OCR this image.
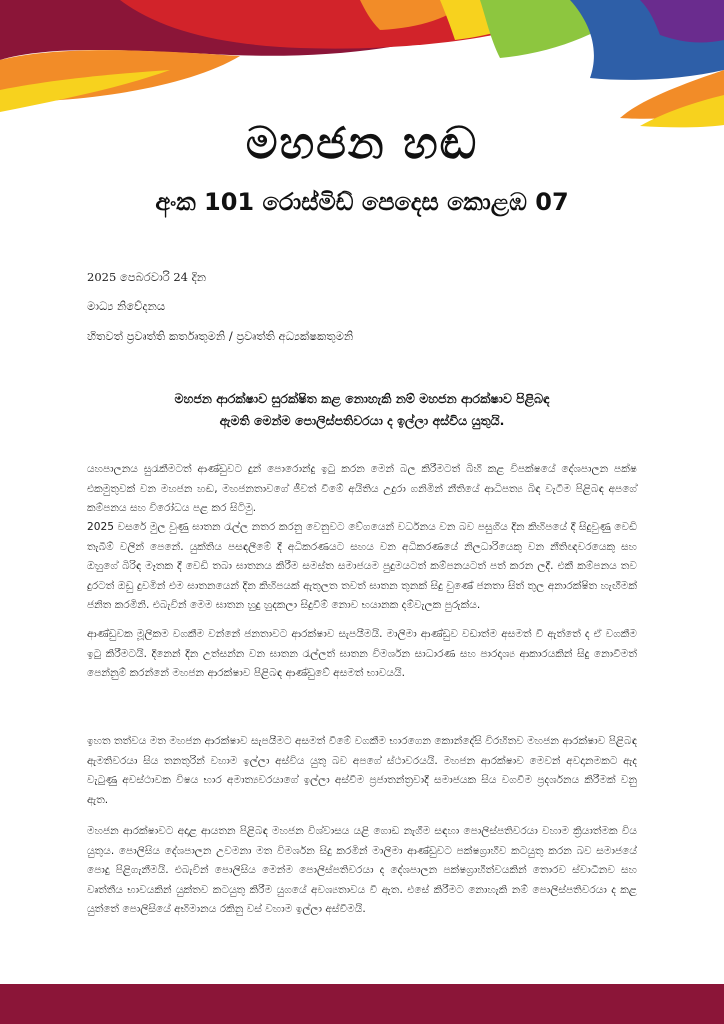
මහජන හඬ
අංක 101 රොස්මිඩ් පෙදෙස කොළඹ 07
2025 පෙබරවාරි 24 දින
මාධ්‍ය නිවේදනය
හිතවත් ප්‍රවෘත්ති කර්තෘතුමනි / ප්‍රවෘත්ති අධ්‍යක්ෂකතුමනි
මහජන ආරක්ෂාව සුරක්ෂිත කළ නොහැකි නම් මහජන ආරක්ෂාව පිළිබඳ
ඇමති මෙන්ම පොලිස්පතිවරයා ද ඉල්ලා අස්විය යුතුයි.

යහපාලනය සුරැකීමටත් ආණ්ඩුවට දුන් පොරොන්දු ඉටු කරන මෙන් බල කිරීමටත් බිහි කළ විපක්ෂයේ දේශපාලන පක්ෂ එකමුතුවක් වන මහජන හඬ, මහජනතාවගේ ජීවත් වීමේ අයිතිය උදුරා ගනිමින් නීතියේ ආධිපත්‍ය බිඳ වැටීම පිළිබඳ අපගේ කම්පනය සහ විරෝධය පළ කර සිටිමු.

2025 වසරේ මුල වුණු ඝාතන රැල්ල නතර කරනු වෙනුවට වේගයෙන් වර්ධනය වන බව පසුගිය දින කිහිපයේ දී සිදුවුණු වෙඩි තැබීම් වලින් පෙනේ. යුක්තිය පසඳලීමේ දී අධිකරණයට සහය වන අධිකරණයේ නිලධාරියෙකු වන නීතිඥවරයෙකු සහ ඔහුගේ බිරිඳ මෑතක දී වෙඩි තබා ඝාතනය කිරීම සමස්ත සමාජයම පුදුමයටත් කම්පනයටත් පත් කරන ලදී. එකී කම්පනය තව දුරටත් ඔඩු දුවමින් එම ඝාතනයෙන් දින කිහිපයක් ඇතුලත තවත් ඝාතන තුනක් සිදු වුණේ ජනතා සිත් තුල අනාරක්ෂිත හැඟීමක් ජනිත කරමිනි. එබැවින් මෙම ඝාතන හුදු හුදකලා සිදුවීම් නොව භයානක දම්වැලක පුරුක්ය.

ආණ්ඩුවක මූලිකම වගකීම වන්නේ ජනතාවට ආරක්ෂාව සැපයීමයි. මාලිමා ආණ්ඩුව වඩාත්ම අසමත් වී ඇත්තේ ද ඒ වගකීම ඉටු කිරීමටයි. දිනෙන් දින උත්සන්න වන ඝාතන රැල්ලත් ඝාතන විමර්ශන සාධාරණ සහ පාරදෘශ්‍ය ආකාරයකින් සිදු නොවීමත් පෙන්නුම් කරන්නේ මහජන ආරක්ෂාව පිළිබඳ ආණ්ඩුවේ අසමත් භාවයයි.

ඉහත තත්වය මත මහජන ආරක්ෂාව සැපයීමට අසමත් වීමේ වගකීම භාරගෙන කොන්දේසි විරහිතව මහජන ආරක්ෂාව පිළිබඳ ඇමතිවරයා සිය තනතුරින් වහාම ඉල්ලා අස්විය යුතු බව අපගේ ස්ථාවරයයි. මහජන ආරක්ෂාව මෙවන් අවදානමකට ඇද වැටුණු අවස්ථාවක විෂය භාර අමාත්‍යවරයාගේ ඉල්ලා අස්වීම ප්‍රජාතන්ත්‍රවාදී සමාජයක සිය වගවීම ප්‍රදර්ශනය කිරීමක් වනු ඇත.

මහජන ආරක්ෂාවට අදාළ ආයතන පිළිබඳ මහජන විශ්වාසය යළි ගොඩ නැගීම සඳහා පොලිස්පතිවරයා වහාම ක්‍රියාත්මක විය යුතුය. පොලිසිය දේශපාලන උවමනා මත විමර්ශන සිදු කරමින් මාලිමා ආණ්ඩුවට පක්ෂග්‍රාහීව කටයුතු කරන බව සමාජයේ පොදු පිළිගැනීමයි. එබැවින් පොලිසිය මෙන්ම පොලිස්පතිවරයා ද දේශපාලන පක්ෂග්‍රාහීත්වයකින් තොරව ස්වාධීනව සහ වෘත්තීය භාවයකින් යුක්තව කටයුතු කිරීම යුගයේ අවශ්‍යතාවය වී ඇත. එසේ කිරීමට නොහැකි නම් පොලිස්පතිවරයා ද කළ යුත්තේ පොලිසියේ අභිමානය රකිනු වස් වහාම ඉල්ලා අස්වීමයි.
